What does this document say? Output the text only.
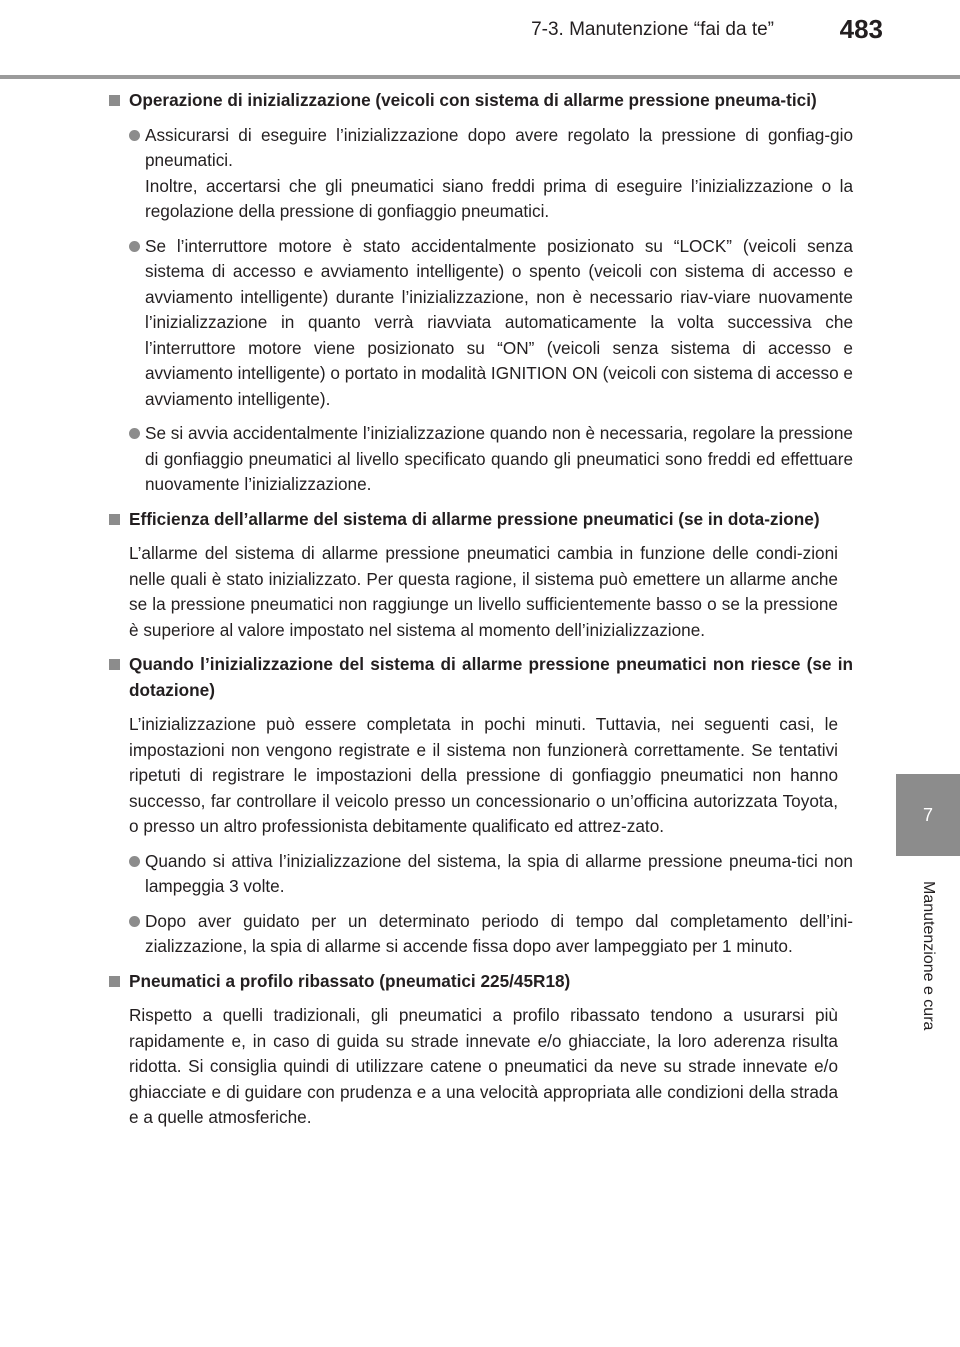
7-3. Manutenzione “fai da te”	483
7
Manutenzione e cura
Operazione di inizializzazione (veicoli con sistema di allarme pressione pneuma-tici)
Assicurarsi di eseguire l’inizializzazione dopo avere regolato la pressione di gonfiag-gio pneumatici.
Inoltre, accertarsi che gli pneumatici siano freddi prima di eseguire l’inizializzazione o la regolazione della pressione di gonfiaggio pneumatici.
Se l’interruttore motore è stato accidentalmente posizionato su “LOCK” (veicoli senza sistema di accesso e avviamento intelligente) o spento (veicoli con sistema di accesso e avviamento intelligente) durante l’inizializzazione, non è necessario riav-viare nuovamente l’inizializzazione in quanto verrà riavviata automaticamente la volta successiva che l’interruttore motore viene posizionato su “ON” (veicoli senza sistema di accesso e avviamento intelligente) o portato in modalità IGNITION ON (veicoli con sistema di accesso e avviamento intelligente).
Se si avvia accidentalmente l’inizializzazione quando non è necessaria, regolare la pressione di gonfiaggio pneumatici al livello specificato quando gli pneumatici sono freddi ed effettuare nuovamente l’inizializzazione.
Efficienza dell’allarme del sistema di allarme pressione pneumatici (se in dota-zione)
L’allarme del sistema di allarme pressione pneumatici cambia in funzione delle condi-zioni nelle quali è stato inizializzato. Per questa ragione, il sistema può emettere un allarme anche se la pressione pneumatici non raggiunge un livello sufficientemente basso o se la pressione è superiore al valore impostato nel sistema al momento dell’inizializzazione.
Quando l’inizializzazione del sistema di allarme pressione pneumatici non riesce (se in dotazione)
L’inizializzazione può essere completata in pochi minuti. Tuttavia, nei seguenti casi, le impostazioni non vengono registrate e il sistema non funzionerà correttamente. Se tentativi ripetuti di registrare le impostazioni della pressione di gonfiaggio pneumatici non hanno successo, far controllare il veicolo presso un concessionario o un’officina autorizzata Toyota, o presso un altro professionista debitamente qualificato ed attrez-zato.
Quando si attiva l’inizializzazione del sistema, la spia di allarme pressione pneuma-tici non lampeggia 3 volte.
Dopo aver guidato per un determinato periodo di tempo dal completamento dell’ini-zializzazione, la spia di allarme si accende fissa dopo aver lampeggiato per 1 minuto.
Pneumatici a profilo ribassato (pneumatici 225/45R18)
Rispetto a quelli tradizionali, gli pneumatici a profilo ribassato tendono a usurarsi più rapidamente e, in caso di guida su strade innevate e/o ghiacciate, la loro aderenza risulta ridotta. Si consiglia quindi di utilizzare catene o pneumatici da neve su strade innevate e/o ghiacciate e di guidare con prudenza e a una velocità appropriata alle condizioni della strada e a quelle atmosferiche.
